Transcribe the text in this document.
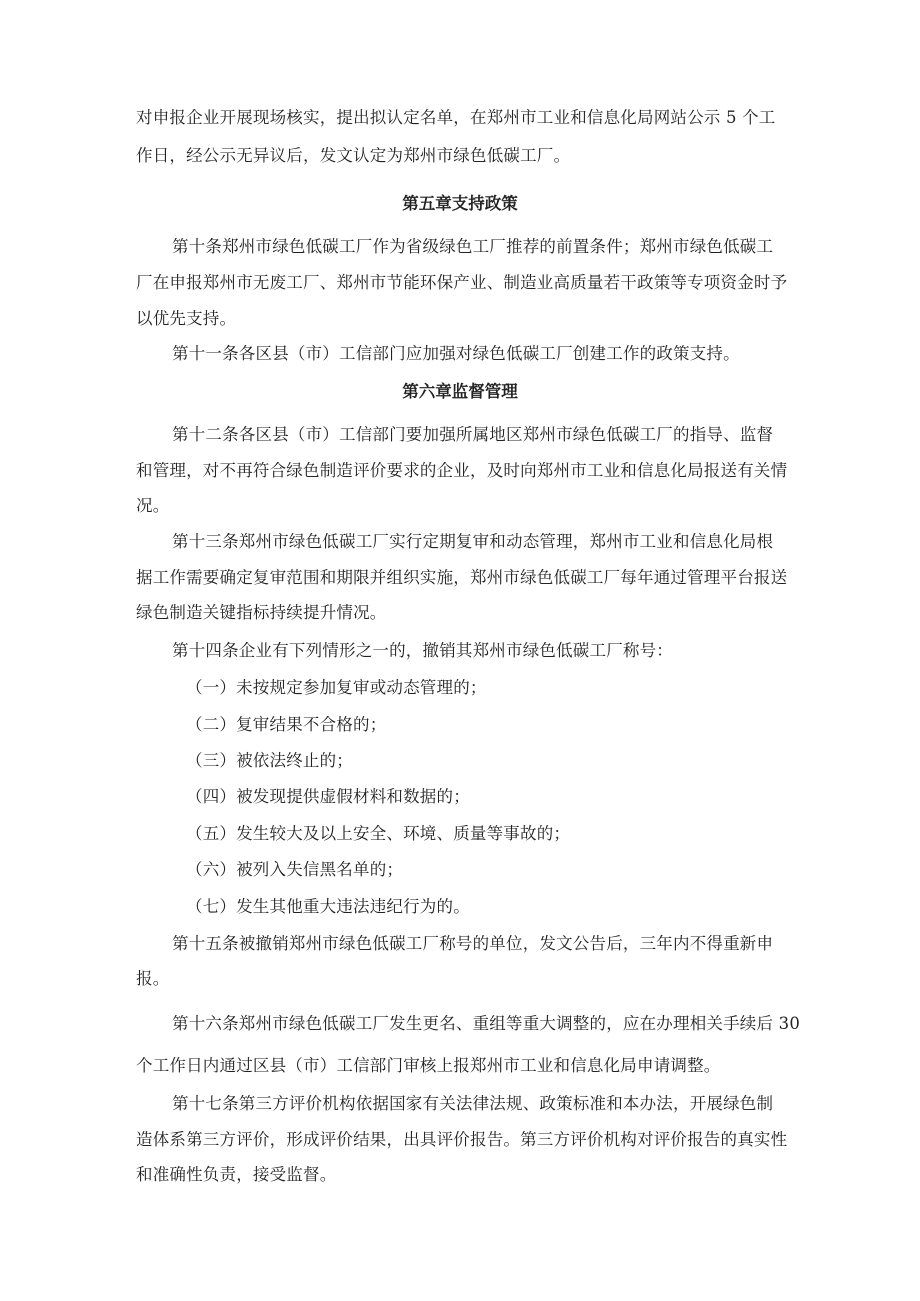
对申报企业开展现场核实，提出拟认定名单，在郑州市工业和信息化局网站公示 5 个工
作日，经公示无异议后，发文认定为郑州市绿色低碳工厂。
第五章支持政策
第十条郑州市绿色低碳工厂作为省级绿色工厂推荐的前置条件；郑州市绿色低碳工
厂在申报郑州市无废工厂、郑州市节能环保产业、制造业高质量若干政策等专项资金时予
以优先支持。
第十一条各区县（市）工信部门应加强对绿色低碳工厂创建工作的政策支持。
第六章监督管理
第十二条各区县（市）工信部门要加强所属地区郑州市绿色低碳工厂的指导、监督
和管理，对不再符合绿色制造评价要求的企业，及时向郑州市工业和信息化局报送有关情
况。
第十三条郑州市绿色低碳工厂实行定期复审和动态管理，郑州市工业和信息化局根
据工作需要确定复审范围和期限并组织实施，郑州市绿色低碳工厂每年通过管理平台报送
绿色制造关键指标持续提升情况。
第十四条企业有下列情形之一的，撤销其郑州市绿色低碳工厂称号：
（一）未按规定参加复审或动态管理的；
（二）复审结果不合格的；
（三）被依法终止的；
（四）被发现提供虚假材料和数据的；
（五）发生较大及以上安全、环境、质量等事故的；
（六）被列入失信黑名单的；
（七）发生其他重大违法违纪行为的。
第十五条被撤销郑州市绿色低碳工厂称号的单位，发文公告后，三年内不得重新申
报。
第十六条郑州市绿色低碳工厂发生更名、重组等重大调整的，应在办理相关手续后 30
个工作日内通过区县（市）工信部门审核上报郑州市工业和信息化局申请调整。
第十七条第三方评价机构依据国家有关法律法规、政策标准和本办法，开展绿色制
造体系第三方评价，形成评价结果，出具评价报告。第三方评价机构对评价报告的真实性
和准确性负责，接受监督。
